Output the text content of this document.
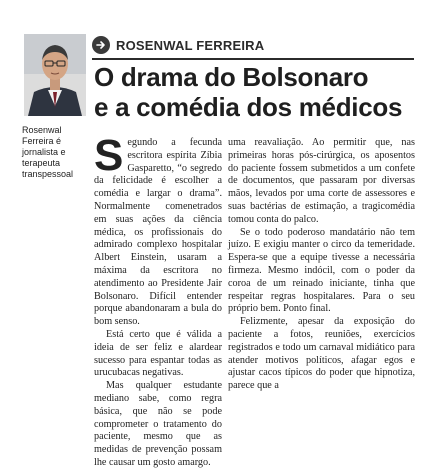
Rosenwal Ferreira é jornalista e terapeuta transpessoal
ROSENWAL FERREIRA
O drama do Bolsonaro
e a comédia dos médicos

Segundo a fecunda escritora espírita Zíbia Gasparetto, “o segredo da felicidade é escolher a comédia e largar o drama”. Normalmente comenetrados em suas ações da ciência médica, os profissionais do admirado complexo hospitalar Albert Einstein, usaram a máxima da escritora no atendimento ao Presidente Jair Bolsonaro. Difícil entender porque abandonaram a bula do bom senso.

Está certo que é válida a ideia de ser feliz e alardear sucesso para espantar todas as urucubacas negativas.

Mas qualquer estudante mediano sabe, como regra básica, que não se pode comprometer o tratamento do paciente, mesmo que as medidas de prevenção possam lhe causar um gosto amargo.

uma reavaliação. Ao permitir que, nas primeiras horas pós-cirúrgica, os aposentos do paciente fossem submetidos a um confete de documentos, que passaram por diversas mãos, levados por uma corte de assessores e suas bactérias de estimação, a tragicomédia tomou conta do palco.

Se o todo poderoso mandatário não tem juízo. E exigiu manter o circo da temeridade. Espera-se que a equipe tivesse a necessária firmeza. Mesmo indócil, com o poder da coroa de um reinado iniciante, tinha que respeitar regras hospitalares. Para o seu próprio bem. Ponto final.

Felizmente, apesar da exposição do paciente a fotos, reuniões, exercícios registrados e todo um carnaval midiático para atender motivos políticos, afagar egos e ajustar cacos típicos do poder que hipnotiza, parece que a
